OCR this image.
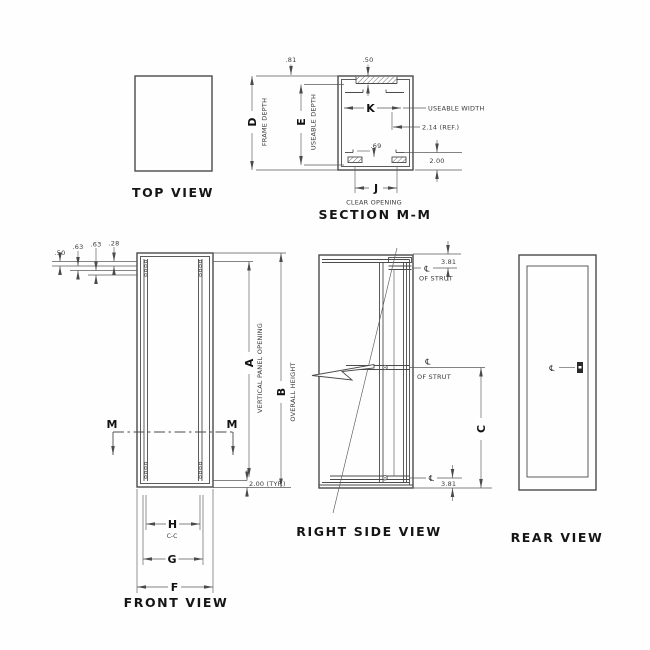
TOP VIEW
.81	.50
D FRAME DEPTH E USEABLE DEPTH	K	USEABLE WIDTH
2.14 (REF.)
.69
2.00
J
CLEAR OPENING
SECTION M-M
.50
.63 .63 .28
M	M
A VERTICAL PANEL OPENING B OVERALL HEIGHT
2.00 (TYP.)
H
C-C
G
F
FRONT VIEW
3.81
℄
OF STRUT
℄
OF STRUT
C
℄
3.81
RIGHT SIDE VIEW
℄
REAR VIEW
